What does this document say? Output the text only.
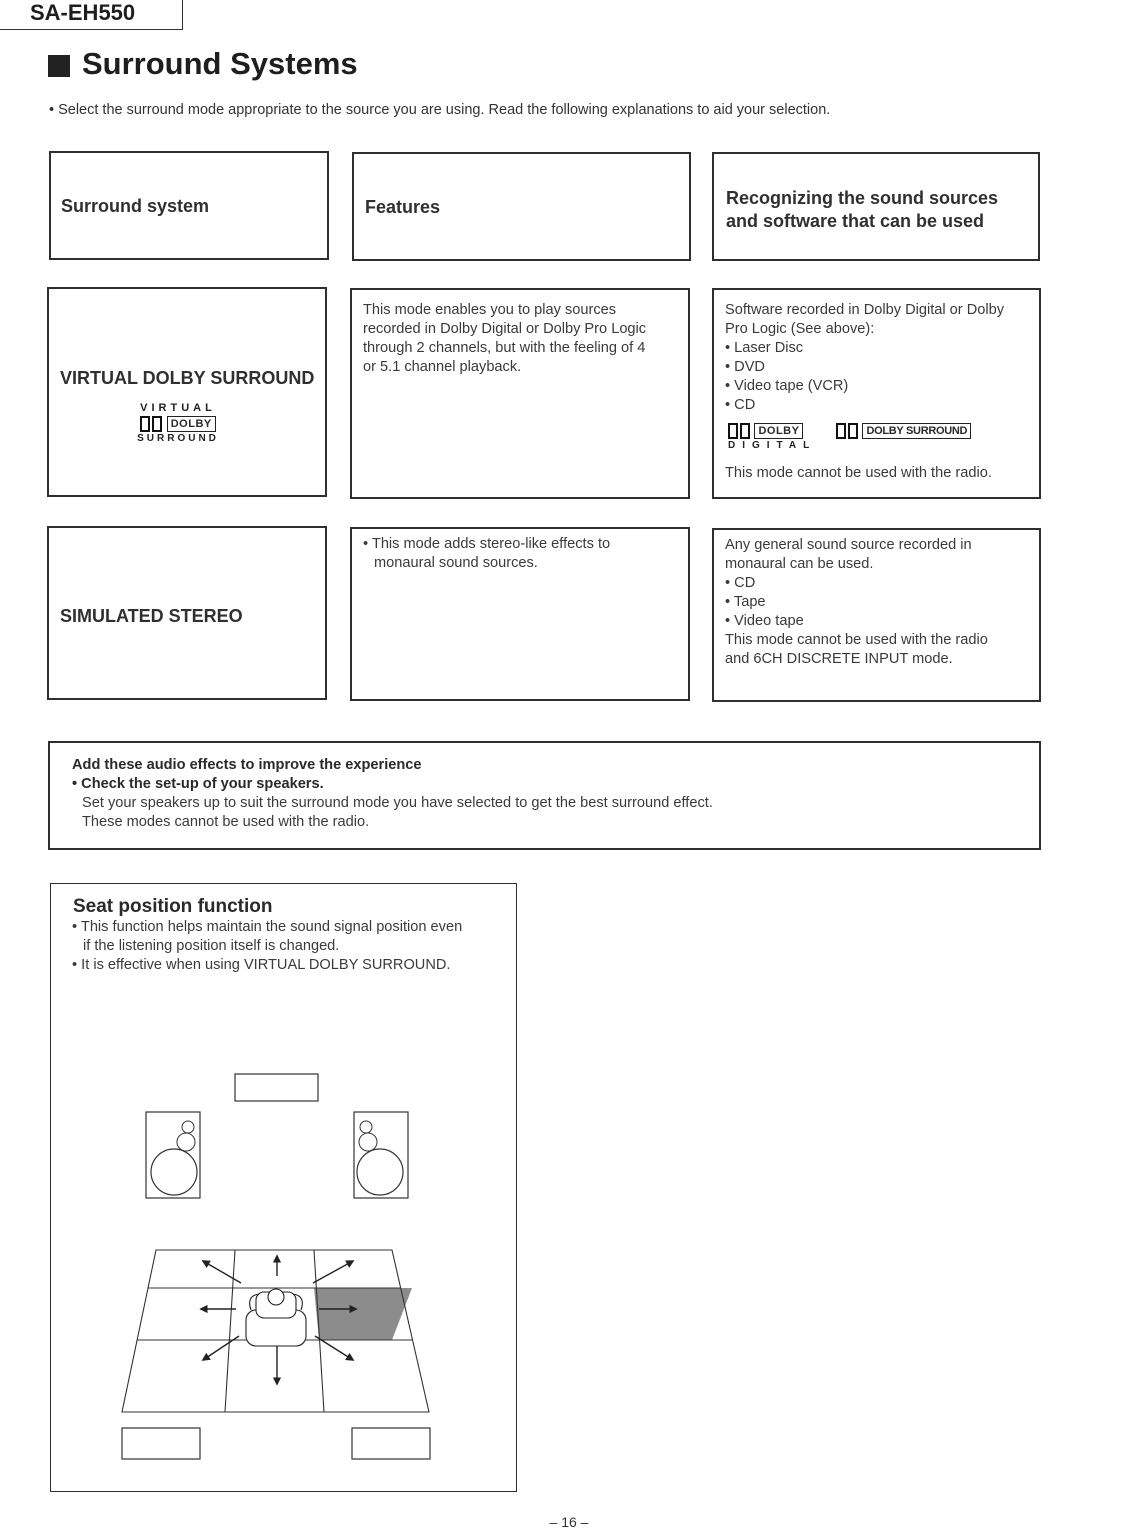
SA-EH550
Surround Systems
• Select the surround mode appropriate to the source you are using. Read the following explanations to aid your selection.
Surround system	Features	Recognizing the sound sources and software that can be used
VIRTUAL DOLBY SURROUND
VIRTUAL
DOLBY
SURROUND
This mode enables you to play sources
recorded in Dolby Digital or Dolby Pro Logic
through 2 channels, but with the feeling of 4
or 5.1 channel playback.
Software recorded in Dolby Digital or Dolby
Pro Logic (See above):
• Laser Disc
• DVD
• Video tape (VCR)
• CD
DOLBY
DIGITAL
DOLBY SURROUND
This mode cannot be used with the radio.
SIMULATED STEREO
• This mode adds stereo-like effects to
monaural sound sources.
Any general sound source recorded in
monaural can be used.
• CD
• Tape
• Video tape
This mode cannot be used with the radio
and 6CH DISCRETE INPUT mode.
Add these audio effects to improve the experience
• Check the set-up of your speakers.
Set your speakers up to suit the surround mode you have selected to get the best surround effect.
These modes cannot be used with the radio.
Seat position function
• This function helps maintain the sound signal position even
if the listening position itself is changed.
• It is effective when using VIRTUAL DOLBY SURROUND.
– 16 –
